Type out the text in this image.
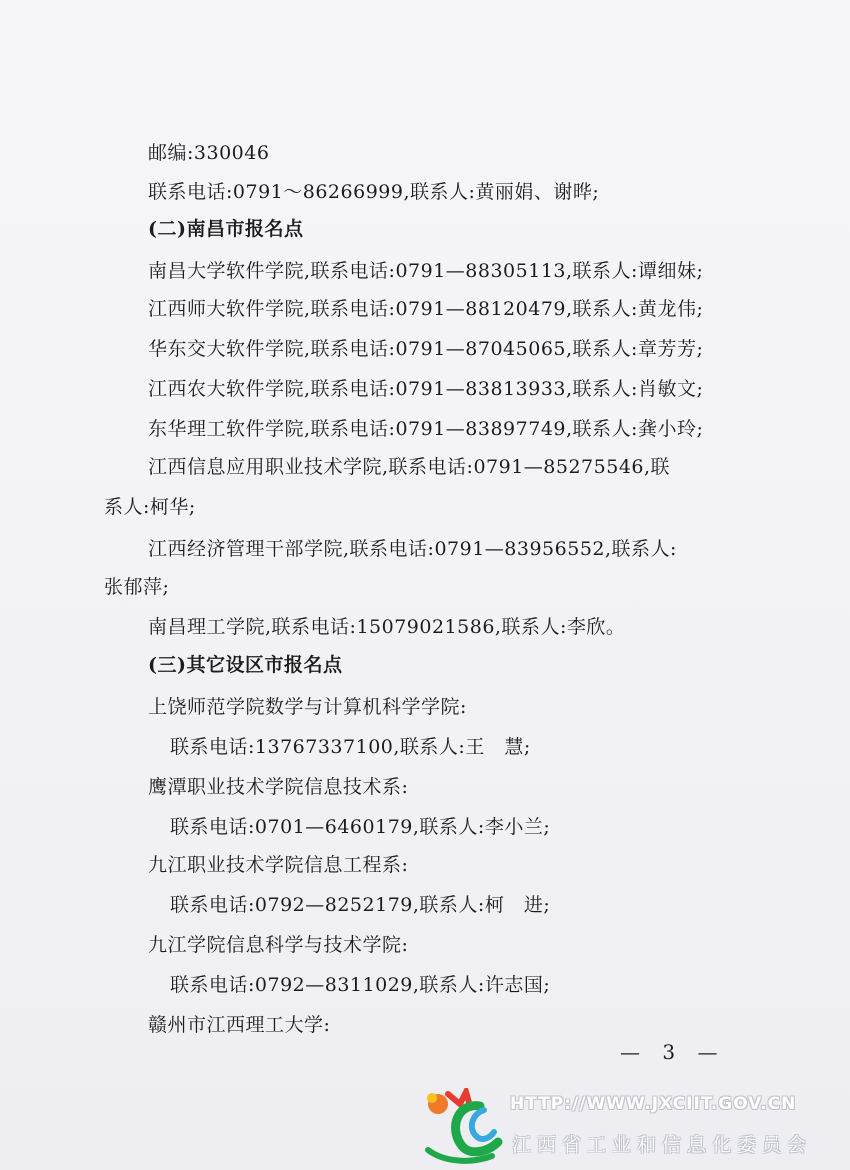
邮编:330046
联系电话:0791～86266999,联系人:黄丽娟、谢晔;
(二)南昌市报名点
南昌大学软件学院,联系电话:0791—88305113,联系人:谭细妹;
江西师大软件学院,联系电话:0791—88120479,联系人:黄龙伟;
华东交大软件学院,联系电话:0791—87045065,联系人:章芳芳;
江西农大软件学院,联系电话:0791—83813933,联系人:肖敏文;
东华理工软件学院,联系电话:0791—83897749,联系人:龚小玲;
江西信息应用职业技术学院,联系电话:0791—85275546,联
系人:柯华;
江西经济管理干部学院,联系电话:0791—83956552,联系人:
张郁萍;
南昌理工学院,联系电话:15079021586,联系人:李欣。
(三)其它设区市报名点
上饶师范学院数学与计算机科学学院:
联系电话:13767337100,联系人:王　慧;
鹰潭职业技术学院信息技术系:
联系电话:0701—6460179,联系人:李小兰;
九江职业技术学院信息工程系:
联系电话:0792—8252179,联系人:柯　进;
九江学院信息科学与技术学院:
联系电话:0792—8311029,联系人:许志国;
赣州市江西理工大学:
— 3 —
HTTP://WWW.JXCIIT.GOV.CN
江西省工业和信息化委员会
